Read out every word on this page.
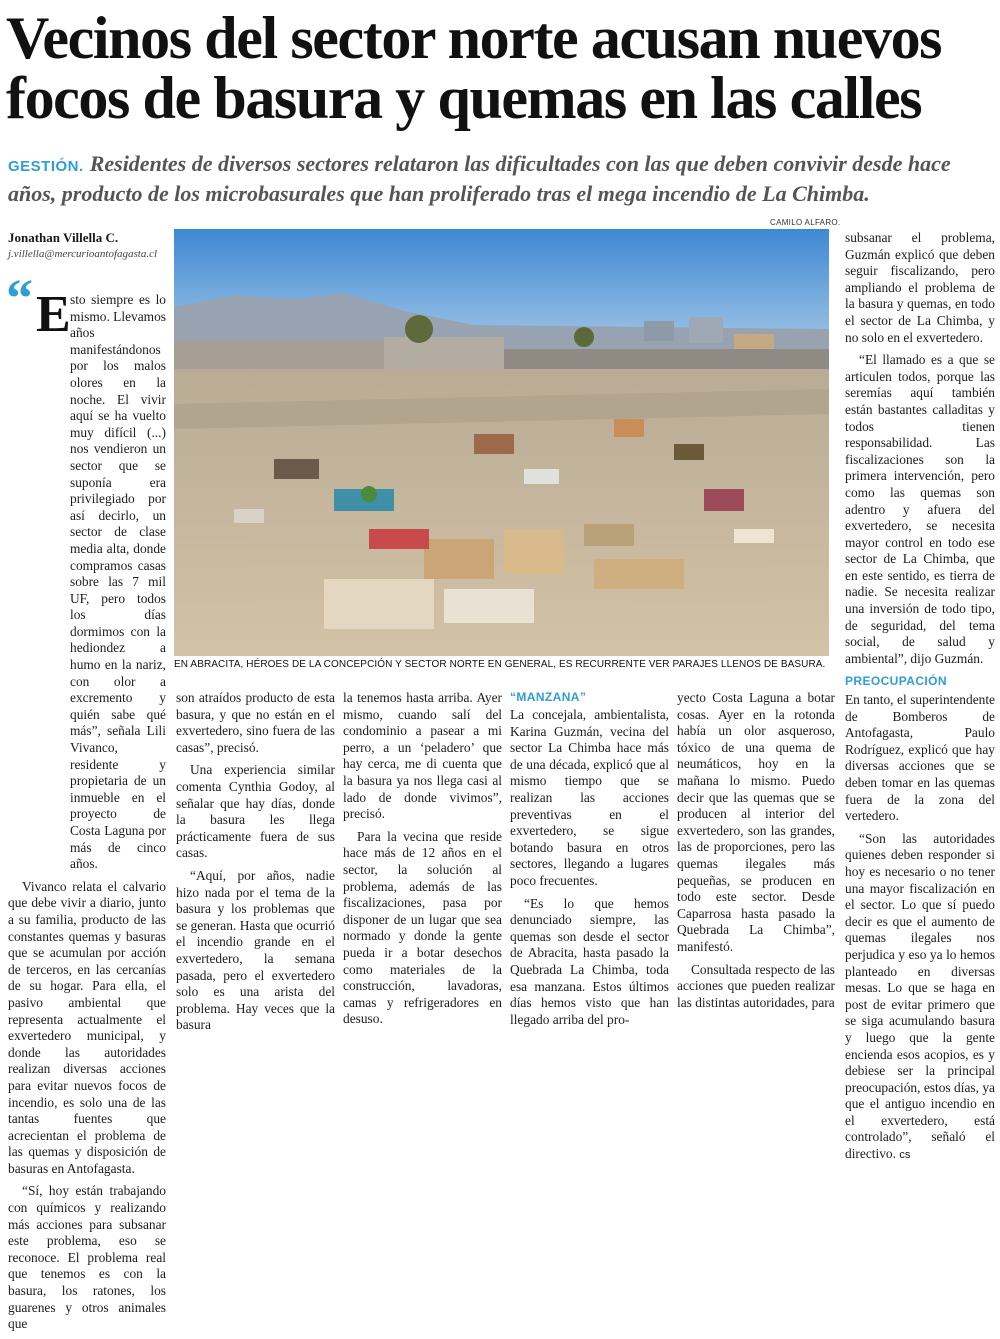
Vecinos del sector norte acusan nuevos
focos de basura y quemas en las calles
GESTIÓN. Residentes de diversos sectores relataron las dificultades con las que deben convivir desde hace años, producto de los microbasurales que han proliferado tras el mega incendio de La Chimba.
Jonathan Villella C.
j.villella@mercurioantofagasta.cl
CAMILO ALFARO.
EN ABRACITA, HÉROES DE LA CONCEPCIÓN Y SECTOR NORTE EN GENERAL, ES RECURRENTE VER PARAJES LLENOS DE BASURA.
“ E sto siempre es lo mismo. Llevamos años manifestándonos por los malos olores en la noche. El vivir aquí se ha vuelto muy difícil (...) nos vendieron un sector que se suponía era privilegiado por así decirlo, un sector de clase media alta, donde compramos casas sobre las 7 mil UF, pero todos los días dormimos con la hediondez a humo en la nariz, con olor a excremento y quién sabe qué más”, señala Lili Vivanco, residente y propietaria de un inmueble en el proyecto de Costa Laguna por más de cinco años.

Vivanco relata el calvario que debe vivir a diario, junto a su familia, producto de las constantes quemas y basuras que se acumulan por acción de terceros, en las cercanías de su hogar. Para ella, el pasivo ambiental que representa actualmente el exvertedero municipal, y donde las autoridades realizan diversas acciones para evitar nuevos focos de incendio, es solo una de las tantas fuentes que acrecientan el problema de las quemas y disposición de basuras en Antofagasta.

“Sí, hoy están trabajando con químicos y realizando más acciones para subsanar este problema, eso se reconoce. El problema real que tenemos es con la basura, los ratones, los guarenes y otros animales que

son atraídos producto de esta basura, y que no están en el exvertedero, sino fuera de las casas”, precisó.

Una experiencia similar comenta Cynthia Godoy, al señalar que hay días, donde la basura les llega prácticamente fuera de sus casas.

“Aquí, por años, nadie hizo nada por el tema de la basura y los problemas que se generan. Hasta que ocurrió el incendio grande en el exvertedero, la semana pasada, pero el exvertedero solo es una arista del problema. Hay veces que la basura

la tenemos hasta arriba. Ayer mismo, cuando salí del condominio a pasear a mi perro, a un ‘peladero’ que hay cerca, me di cuenta que la basura ya nos llega casi al lado de donde vivimos”, precisó.

Para la vecina que reside hace más de 12 años en el sector, la solución al problema, además de las fiscalizaciones, pasa por disponer de un lugar que sea normado y donde la gente pueda ir a botar desechos como materiales de la construcción, lavadoras, camas y refrigeradores en desuso.

“MANZANA”

La concejala, ambientalista, Karina Guzmán, vecina del sector La Chimba hace más de una década, explicó que al mismo tiempo que se realizan las acciones preventivas en el exvertedero, se sigue botando basura en otros sectores, llegando a lugares poco frecuentes.

“Es lo que hemos denunciado siempre, las quemas son desde el sector de Abracita, hasta pasado la Quebrada La Chimba, toda esa manzana. Estos últimos días hemos visto que han llegado arriba del pro-

yecto Costa Laguna a botar cosas. Ayer en la rotonda había un olor asqueroso, tóxico de una quema de neumáticos, hoy en la mañana lo mismo. Puedo decir que las quemas que se producen al interior del exvertedero, son las grandes, las de proporciones, pero las quemas ilegales más pequeñas, se producen en todo este sector. Desde Caparrosa hasta pasado la Quebrada La Chimba”, manifestó.

Consultada respecto de las acciones que pueden realizar las distintas autoridades, para

subsanar el problema, Guzmán explicó que deben seguir fiscalizando, pero ampliando el problema de la basura y quemas, en todo el sector de La Chimba, y no solo en el exvertedero.

“El llamado es a que se articulen todos, porque las seremías aquí también están bastantes calladitas y todos tienen responsabilidad. Las fiscalizaciones son la primera intervención, pero como las quemas son adentro y afuera del exvertedero, se necesita mayor control en todo ese sector de La Chimba, que en este sentido, es tierra de nadie. Se necesita realizar una inversión de todo tipo, de seguridad, del tema social, de salud y ambiental”, dijo Guzmán.

PREOCUPACIÓN

En tanto, el superintendente de Bomberos de Antofagasta, Paulo Rodríguez, explicó que hay diversas acciones que se deben tomar en las quemas fuera de la zona del vertedero.

“Son las autoridades quienes deben responder si hoy es necesario o no tener una mayor fiscalización en el sector. Lo que sí puedo decir es que el aumento de quemas ilegales nos perjudica y eso ya lo hemos planteado en diversas mesas. Lo que se haga en post de evitar primero que se siga acumulando basura y luego que la gente encienda esos acopios, es y debiese ser la principal preocupación, estos días, ya que el antiguo incendio en el exvertedero, está controlado”, señaló el directivo. cs
